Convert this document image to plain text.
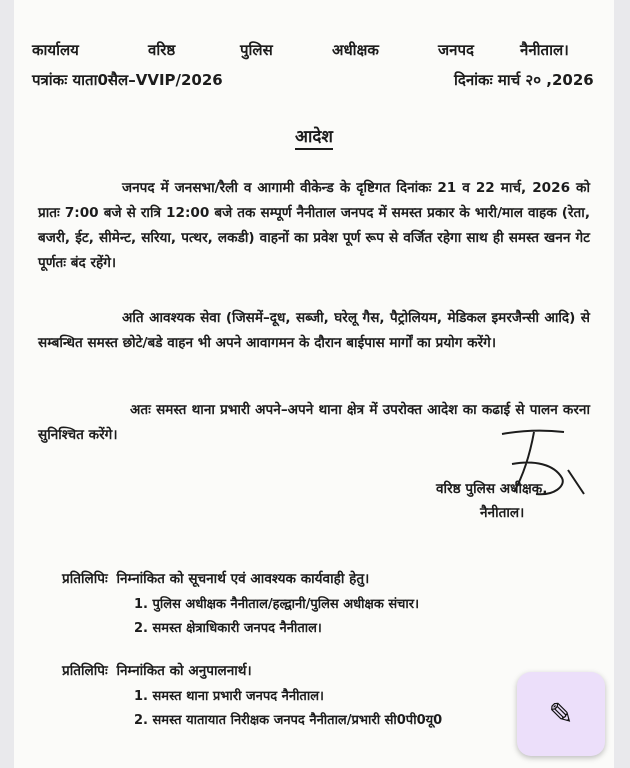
कार्यालय	वरिष्ठ	पुलिस	अधीक्षक	जनपद	नैनीताल।
पत्रांकः याता0सैल–VVIP/2026	दिनांकः मार्च २० ,2026
आदेश

जनपद में जनसभा/रैली व आगामी वीकेन्ड के दृष्टिगत दिनांकः 21 व 22 मार्च, 2026 को प्रातः 7:00 बजे से रात्रि 12:00 बजे तक सम्पूर्ण नैनीताल जनपद में समस्त प्रकार के भारी/माल वाहक (रेता, बजरी, ईट, सीमेन्ट, सरिया, पत्थर, लकडी) वाहनों का प्रवेश पूर्ण रूप से वर्जित रहेगा साथ ही समस्त खनन गेट पूर्णतः बंद रहेंगे।

अति आवश्यक सेवा (जिसमें–दूध, सब्जी, घरेलू गैस, पैट्रोलियम, मेडिकल इमरजैन्सी आदि) से सम्बन्धित समस्त छोटे/बडे वाहन भी अपने आवागमन के दौरान बाईपास मार्गों का प्रयोग करेंगे।

अतः समस्त थाना प्रभारी अपने–अपने थाना क्षेत्र में उपरोक्त आदेश का कढाई से पालन करना सुनिश्चित करेंगे।

वरिष्ठ पुलिस अधीक्षक,
नैनीताल।
प्रतिलिपिः निम्नांकित को सूचनार्थ एवं आवश्यक कार्यवाही हेतु।
1. पुलिस अधीक्षक नैनीताल/हल्द्वानी/पुलिस अधीक्षक संचार।
2. समस्त क्षेत्राधिकारी जनपद नैनीताल।
प्रतिलिपिः निम्नांकित को अनुपालनार्थ।
1. समस्त थाना प्रभारी जनपद नैनीताल।
2. समस्त यातायात निरीक्षक जनपद नैनीताल/प्रभारी सी0पी0यू0	✎
